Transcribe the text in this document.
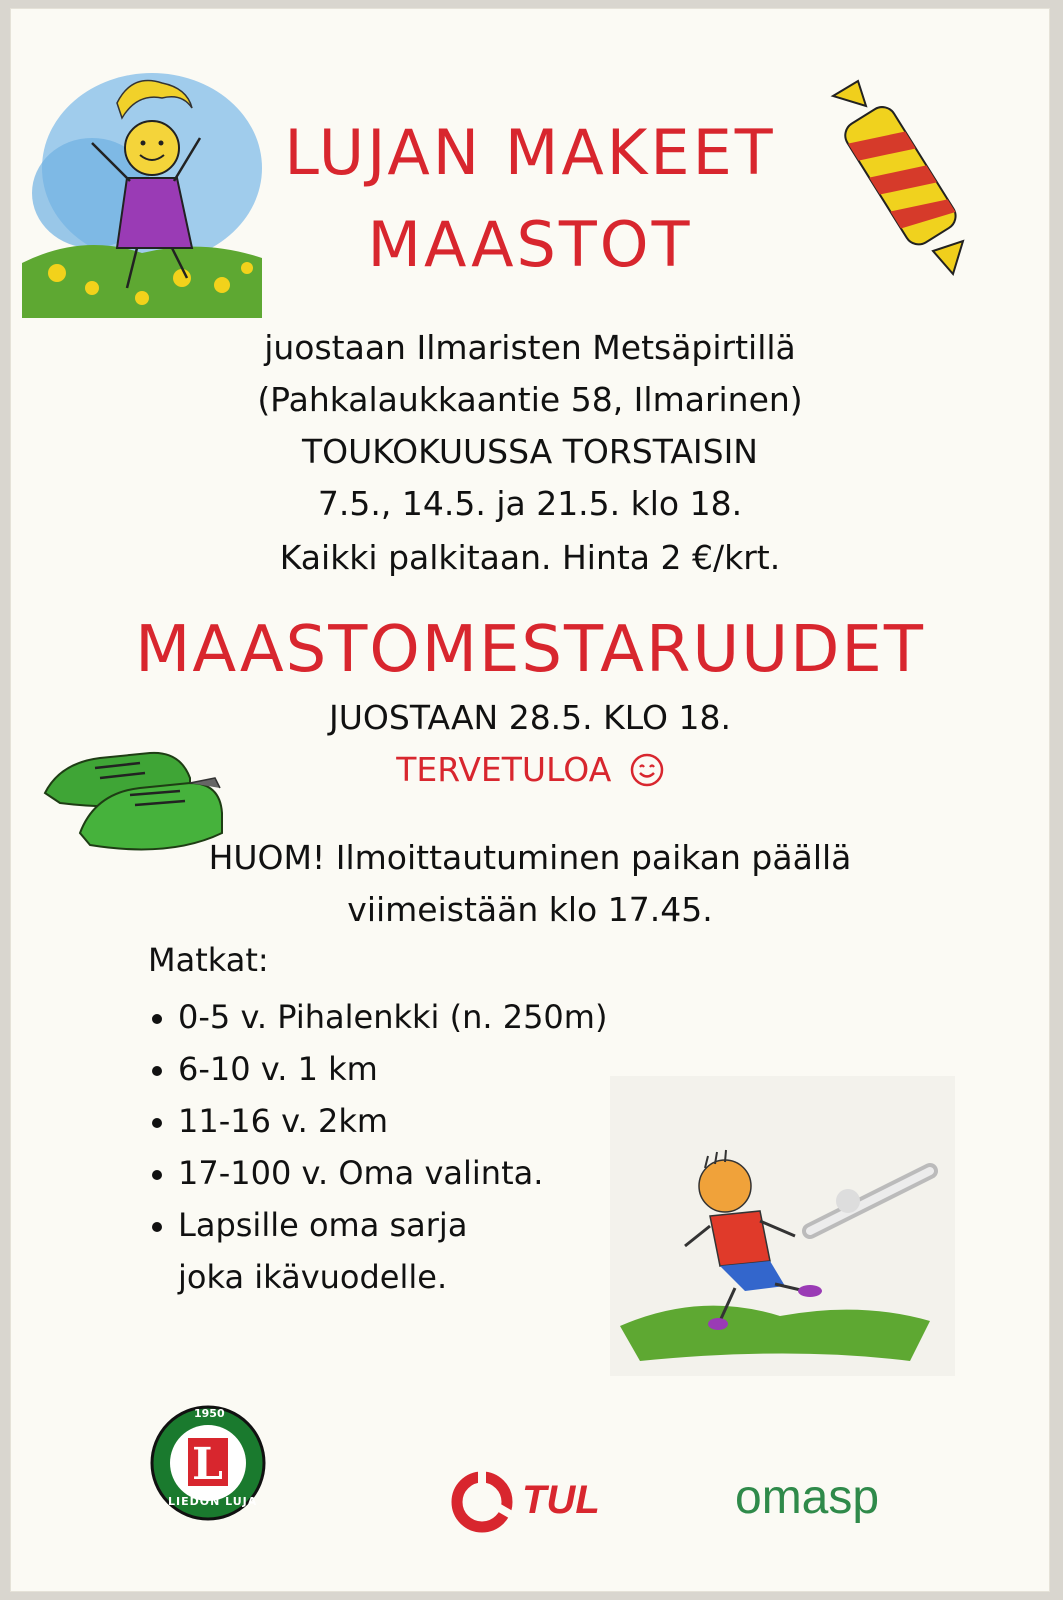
LUJAN MAKEET
MAASTOT

juostaan Ilmaristen Metsäpirtillä

(Pahkalaukkaantie 58, Ilmarinen)

TOUKOKUUSSA TORSTAISIN

7.5., 14.5. ja 21.5. klo 18.

Kaikki palkitaan. Hinta 2 €/krt.

MAASTOMESTARUUDET

JUOSTAAN 28.5. KLO 18.

TERVETULOA

HUOM! Ilmoittautuminen paikan päällä

viimeistään klo 17.45.

Matkat:

0-5 v. Pihalenkki (n. 250m)
6-10 v. 1 km
11-16 v. 2km
17-100 v. Oma valinta.
Lapsille oma sarja joka ikävuodelle.
L
1950
LIEDON LUJA	TUL	omasp
